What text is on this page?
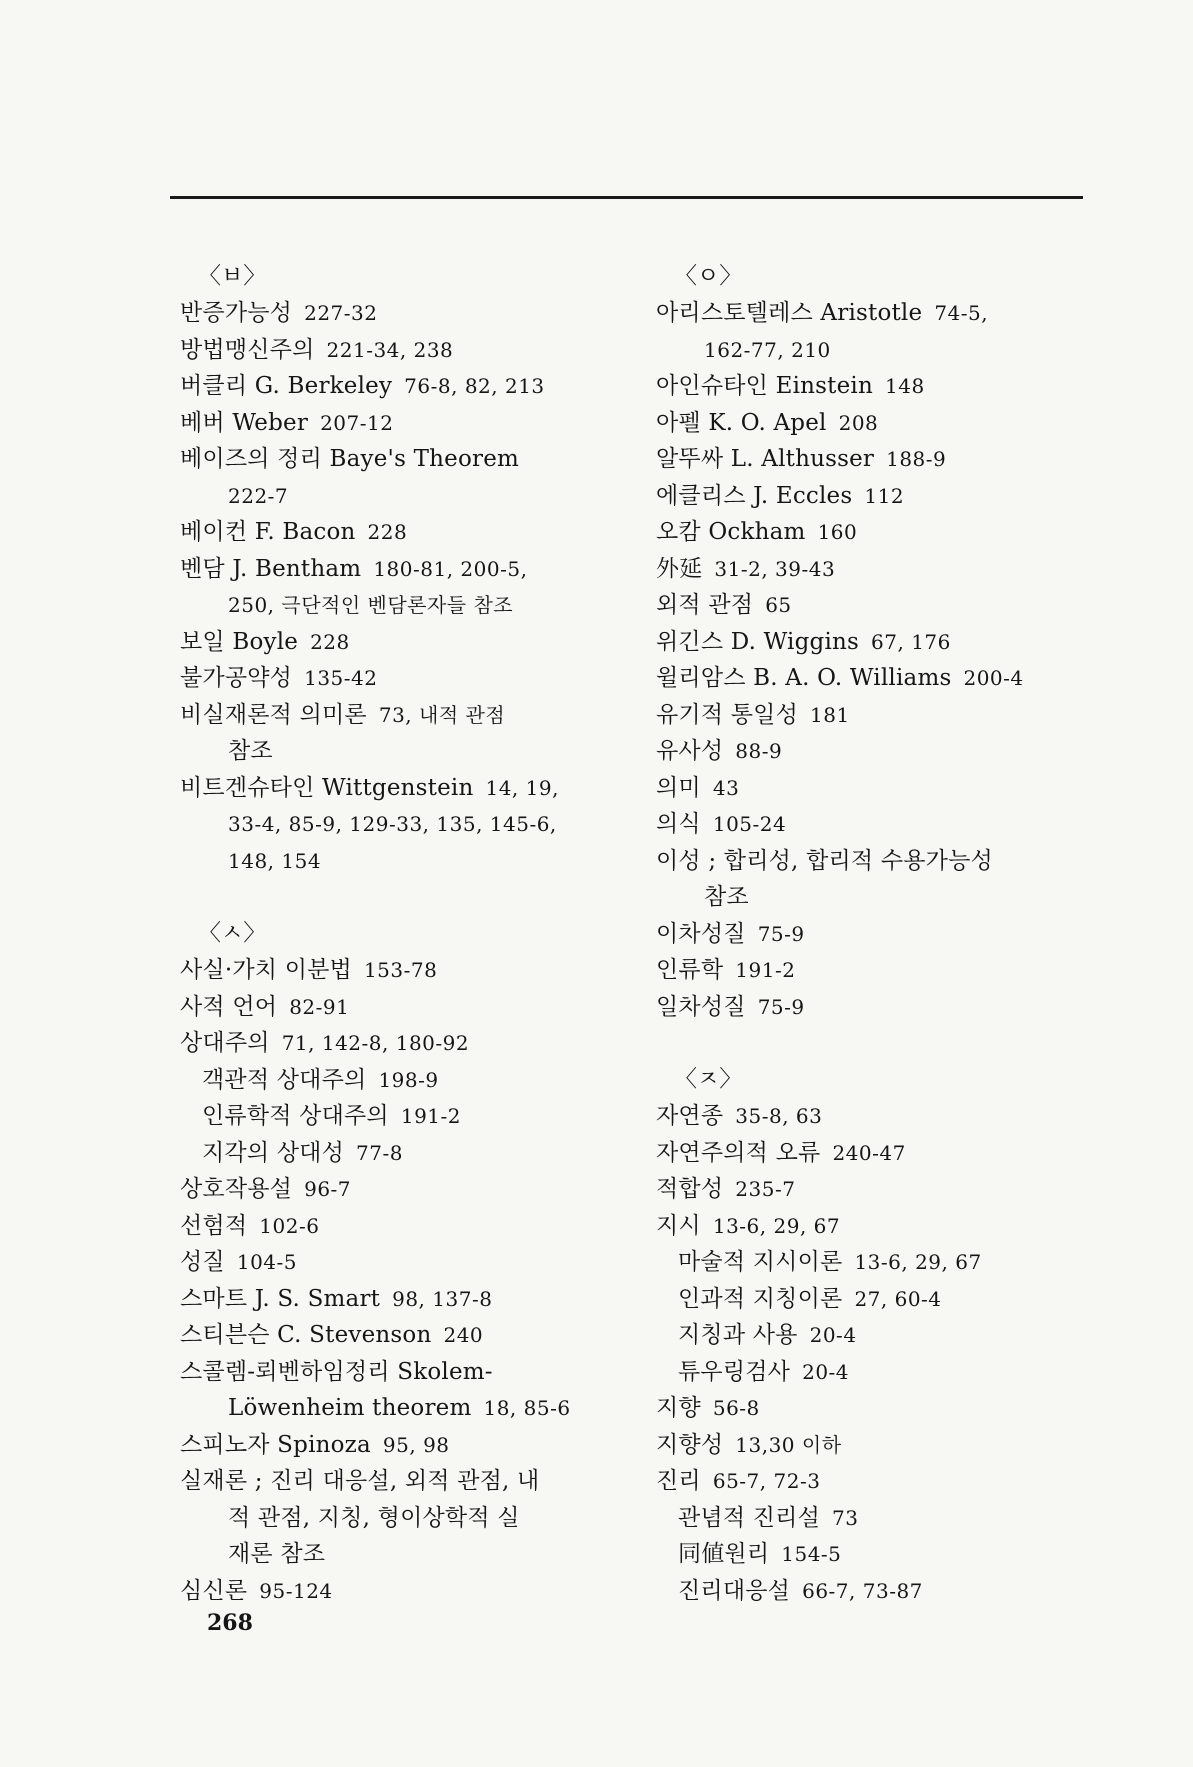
〈ㅂ〉
반증가능성 227-32
방법맹신주의 221-34, 238
버클리 G. Berkeley 76-8, 82, 213
베버 Weber 207-12
베이즈의 정리 Baye's Theorem
222-7
베이컨 F. Bacon 228
벤담 J. Bentham 180-81, 200-5,
250, 극단적인 벤담론자들 참조
보일 Boyle 228
불가공약성 135-42
비실재론적 의미론 73, 내적 관점
참조
비트겐슈타인 Wittgenstein 14, 19,
33-4, 85-9, 129-33, 135, 145-6,
148, 154
〈ㅅ〉
사실·가치 이분법 153-78
사적 언어 82-91
상대주의 71, 142-8, 180-92
객관적 상대주의 198-9
인류학적 상대주의 191-2
지각의 상대성 77-8
상호작용설 96-7
선험적 102-6
성질 104-5
스마트 J. S. Smart 98, 137-8
스티븐슨 C. Stevenson 240
스콜렘-뢰벤하임정리 Skolem-
Löwenheim theorem 18, 85-6
스피노자 Spinoza 95, 98
실재론 ; 진리 대응설, 외적 관점, 내
적 관점, 지칭, 형이상학적 실
재론 참조
심신론 95-124
〈ㅇ〉
아리스토텔레스 Aristotle 74-5,
162-77, 210
아인슈타인 Einstein 148
아펠 K. O. Apel 208
알뚜싸 L. Althusser 188-9
에클리스 J. Eccles 112
오캄 Ockham 160
外延 31-2, 39-43
외적 관점 65
위긴스 D. Wiggins 67, 176
윌리암스 B. A. O. Williams 200-4
유기적 통일성 181
유사성 88-9
의미 43
의식 105-24
이성 ; 합리성, 합리적 수용가능성
참조
이차성질 75-9
인류학 191-2
일차성질 75-9
〈ㅈ〉
자연종 35-8, 63
자연주의적 오류 240-47
적합성 235-7
지시 13-6, 29, 67
마술적 지시이론 13-6, 29, 67
인과적 지칭이론 27, 60-4
지칭과 사용 20-4
튜우링검사 20-4
지향 56-8
지향성 13,30 이하
진리 65-7, 72-3
관념적 진리설 73
同値원리 154-5
진리대응설 66-7, 73-87
268
